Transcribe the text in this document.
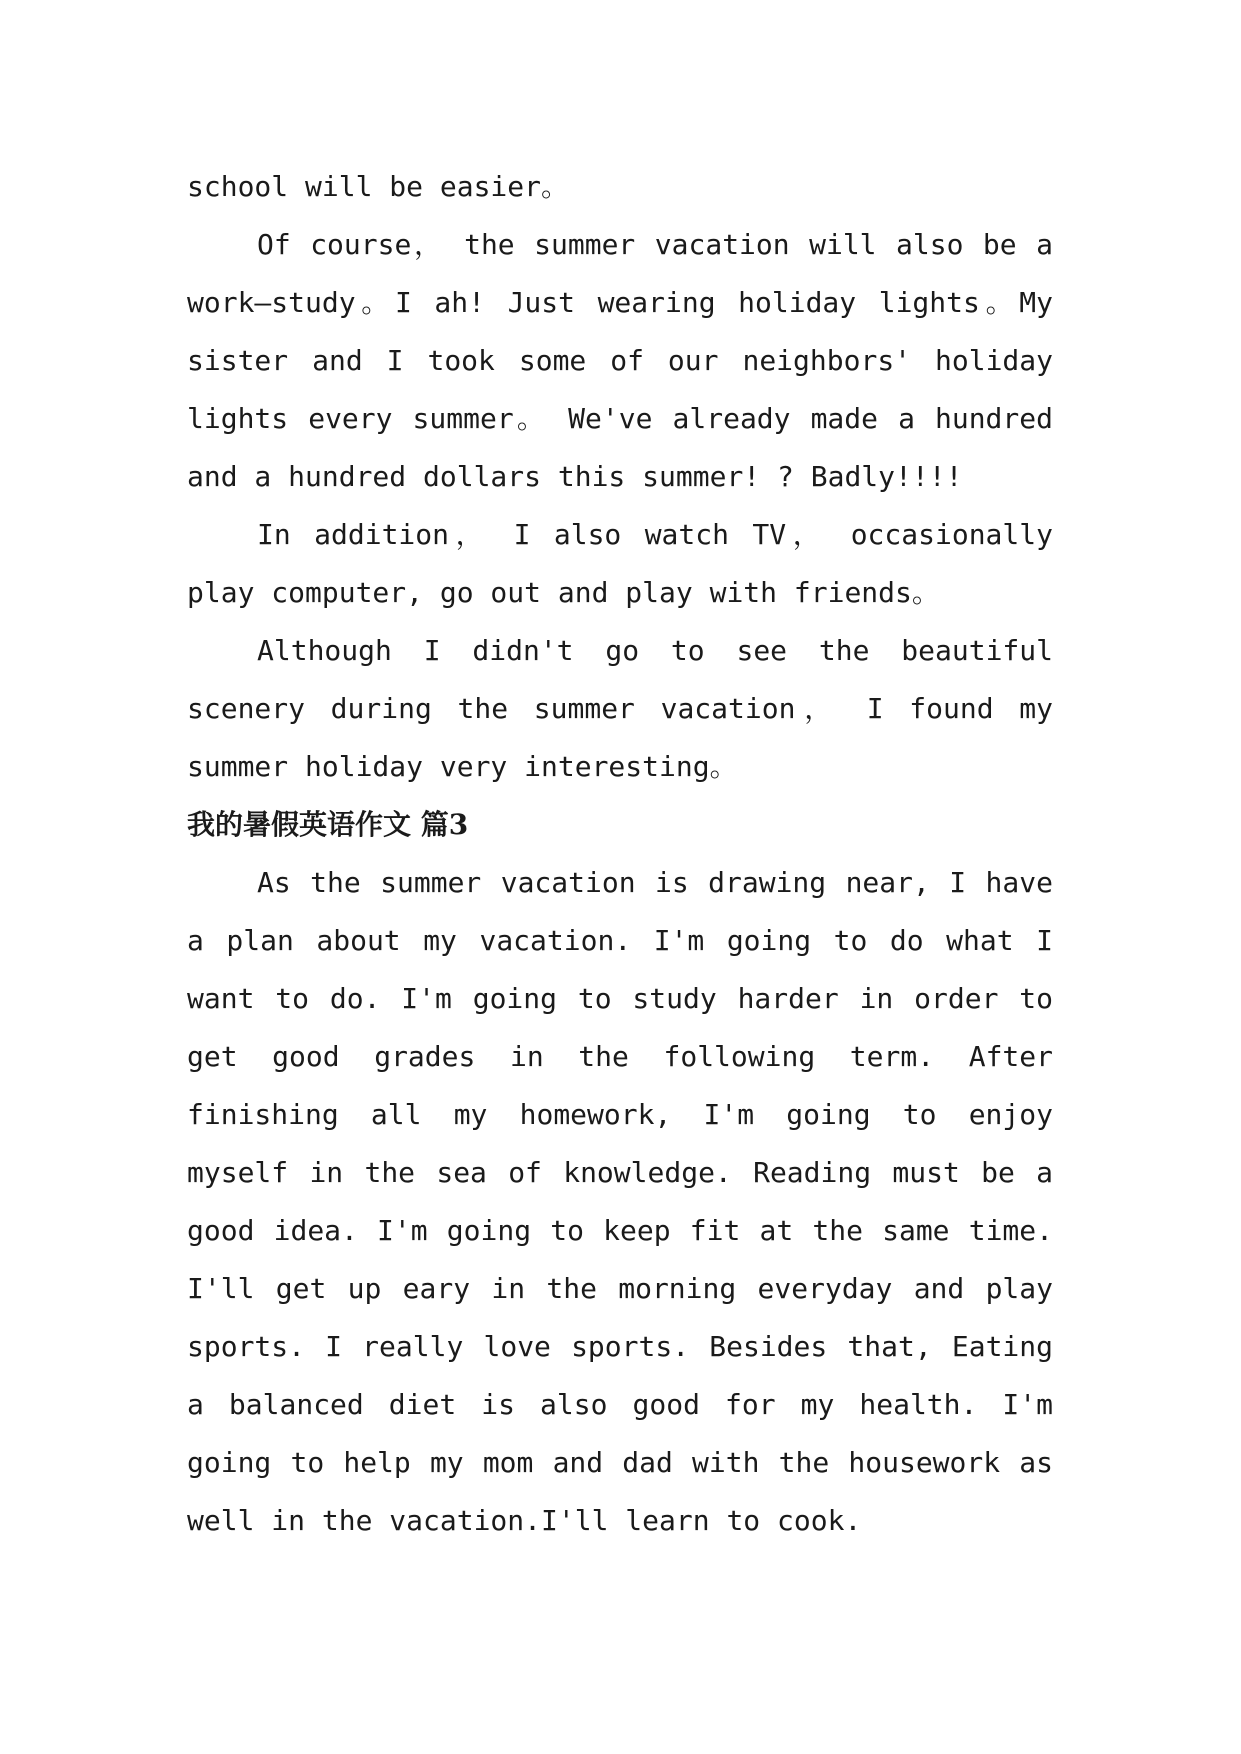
school will be easier。

Of course， the summer vacation will also be a work—study。I ah! Just wearing holiday lights。My sister and I took some of our neighbors' holiday lights every summer。 We've already made a hundred and a hundred dollars this summer! ? Badly!!!!

In addition， I also watch TV， occasionally play computer, go out and play with friends。

Although I didn't go to see the beautiful scenery during the summer vacation， I found my summer holiday very interesting。

我的暑假英语作文 篇3

As the summer vacation is drawing near, I have a plan about my vacation. I'm going to do what I want to do. I'm going to study harder in order to get good grades in the following term. After finishing all my homework, I'm going to enjoy myself in the sea of knowledge. Reading must be a good idea. I'm going to keep fit at the same time. I'll get up eary in the morning everyday and play sports. I really love sports. Besides that, Eating a balanced diet is also good for my health. I'm going to help my mom and dad with the housework as well in the vacation.I'll learn to cook.
